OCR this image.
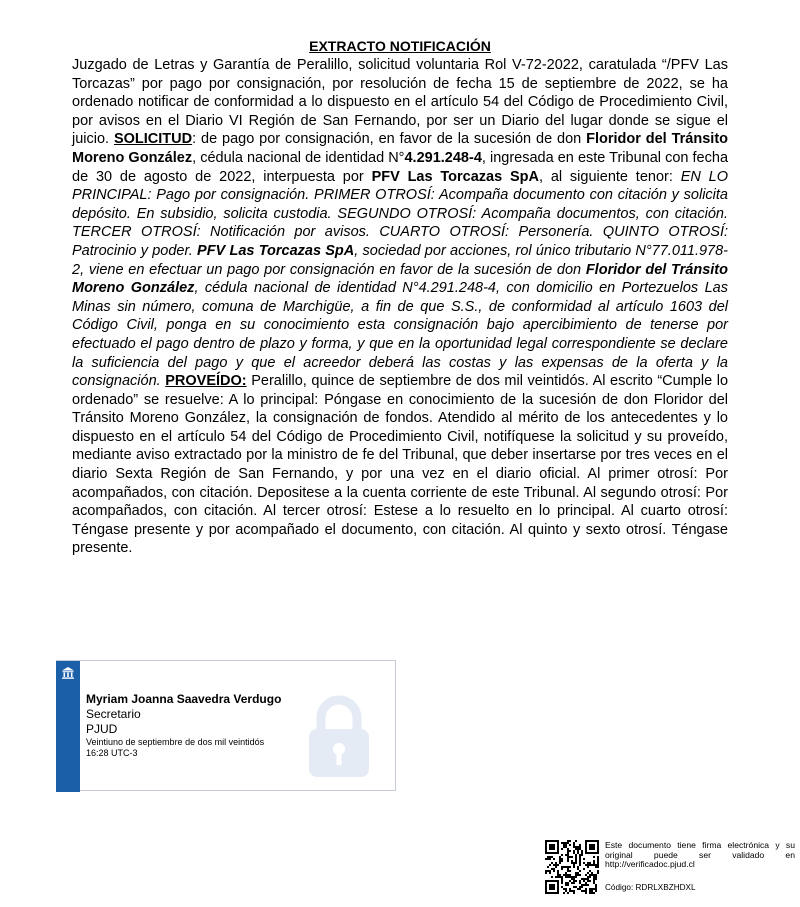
EXTRACTO NOTIFICACIÓN

Juzgado de Letras y Garantía de Peralillo, solicitud voluntaria Rol V-72-2022, caratulada “/PFV Las Torcazas” por pago por consignación, por resolución de fecha 15 de septiembre de 2022, se ha ordenado notificar de conformidad a lo dispuesto en el artículo 54 del Código de Procedimiento Civil, por avisos en el Diario VI Región de San Fernando, por ser un Diario del lugar donde se sigue el juicio. SOLICITUD: de pago por consignación, en favor de la sucesión de don Floridor del Tránsito Moreno González, cédula nacional de identidad N°4.291.248-4, ingresada en este Tribunal con fecha de 30 de agosto de 2022, interpuesta por PFV Las Torcazas SpA, al siguiente tenor: EN LO PRINCIPAL: Pago por consignación. PRIMER OTROSÍ: Acompaña documento con citación y solicita depósito. En subsidio, solicita custodia. SEGUNDO OTROSÍ: Acompaña documentos, con citación. TERCER OTROSÍ: Notificación por avisos. CUARTO OTROSÍ: Personería. QUINTO OTROSÍ: Patrocinio y poder. PFV Las Torcazas SpA, sociedad por acciones, rol único tributario N°77.011.978-2, viene en efectuar un pago por consignación en favor de la sucesión de don Floridor del Tránsito Moreno González, cédula nacional de identidad N°4.291.248-4, con domicilio en Portezuelos Las Minas sin número, comuna de Marchigüe, a fin de que S.S., de conformidad al artículo 1603 del Código Civil, ponga en su conocimiento esta consignación bajo apercibimiento de tenerse por efectuado el pago dentro de plazo y forma, y que en la oportunidad legal correspondiente se declare la suficiencia del pago y que el acreedor deberá las costas y las expensas de la oferta y la consignación. PROVEÍDO: Peralillo, quince de septiembre de dos mil veintidós. Al escrito “Cumple lo ordenado” se resuelve: A lo principal: Póngase en conocimiento de la sucesión de don Floridor del Tránsito Moreno González, la consignación de fondos. Atendido al mérito de los antecedentes y lo dispuesto en el artículo 54 del Código de Procedimiento Civil, notifíquese la solicitud y su proveído, mediante aviso extractado por la ministro de fe del Tribunal, que deber insertarse por tres veces en el diario Sexta Región de San Fernando, y por una vez en el diario oficial. Al primer otrosí: Por acompañados, con citación. Depositese a la cuenta corriente de este Tribunal. Al segundo otrosí: Por acompañados, con citación. Al tercer otrosí: Estese a lo resuelto en lo principal. Al cuarto otrosí: Téngase presente y por acompañado el documento, con citación. Al quinto y sexto otrosí. Téngase presente.

Myriam Joanna Saavedra Verdugo
Secretario
PJUD
Veintiuno de septiembre de dos mil veintidós
16:28 UTC-3
Este documento tiene firma electrónica y su original puede ser validado en http://verificadoc.pjud.cl
Código: RDRLXBZHDXL
